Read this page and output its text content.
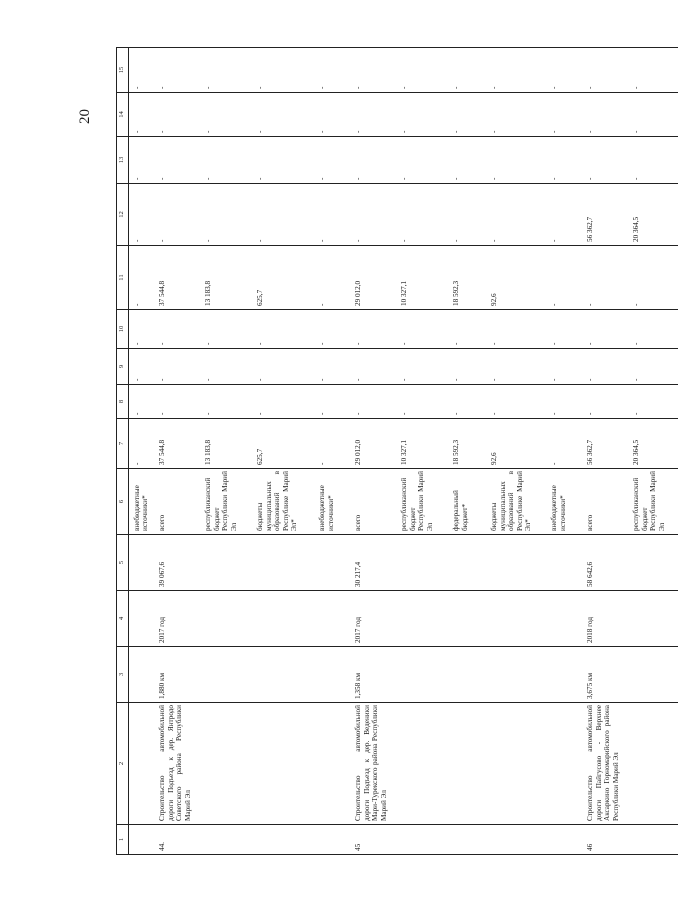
20
1	2	3	4	5	6	7	8	9	10	11	12	13	14	15
					внебюджетные источники*	-	-	-	-	-	-	-	-	-
44.	Строительство автомобильной дороги Подъезд к дер. Янтродо Советского района Республики Марий Эл	1,880 км	2017 год	39 067,6	всего	37 544,8	-	-	-	37 544,8	-	-	-	-
					республиканский бюджет Республики Марий Эл	13 183,8	-	-	-	13 183,8	-	-	-	-
					бюджеты муниципальных образований в Республике Марий Эл*	625,7	-	-	-	625,7	-	-	-	-
					внебюджетные источники*	-	-	-	-	-	-	-	-	-
45	Строительство автомобильной дороги Подъезд к дер. Веденики Мари-Турекского района Республики Марий Эл	1,358 км	2017 год	30 217,4	всего	29 012,0	-	-	-	29 012,0	-	-	-	-
					республиканский бюджет Республики Марий Эл	10 327,1	-	-	-	10 327,1	-	-	-	-
					федеральный бюджет*	18 592,3	-	-	-	18 592,3	-	-	-	-
					бюджеты муниципальных образований в Республике Марий Эл*	92,6	-	-	-	92,6	-	-	-	-
					внебюджетные источники*	-	-	-	-	-	-	-	-	-
46	Строительство автомобильной дороги Пайгусово - Верхнее Аксаркино Горномарийского района Республики Марий Эл	3,675 км	2018 год	58 642,6	всего	56 362,7	-	-	-	-	56 362,7	-	-	-
					республиканский бюджет Республики Марий Эл	20 364,5	-	-	-	-	20 364,5	-	-	-
